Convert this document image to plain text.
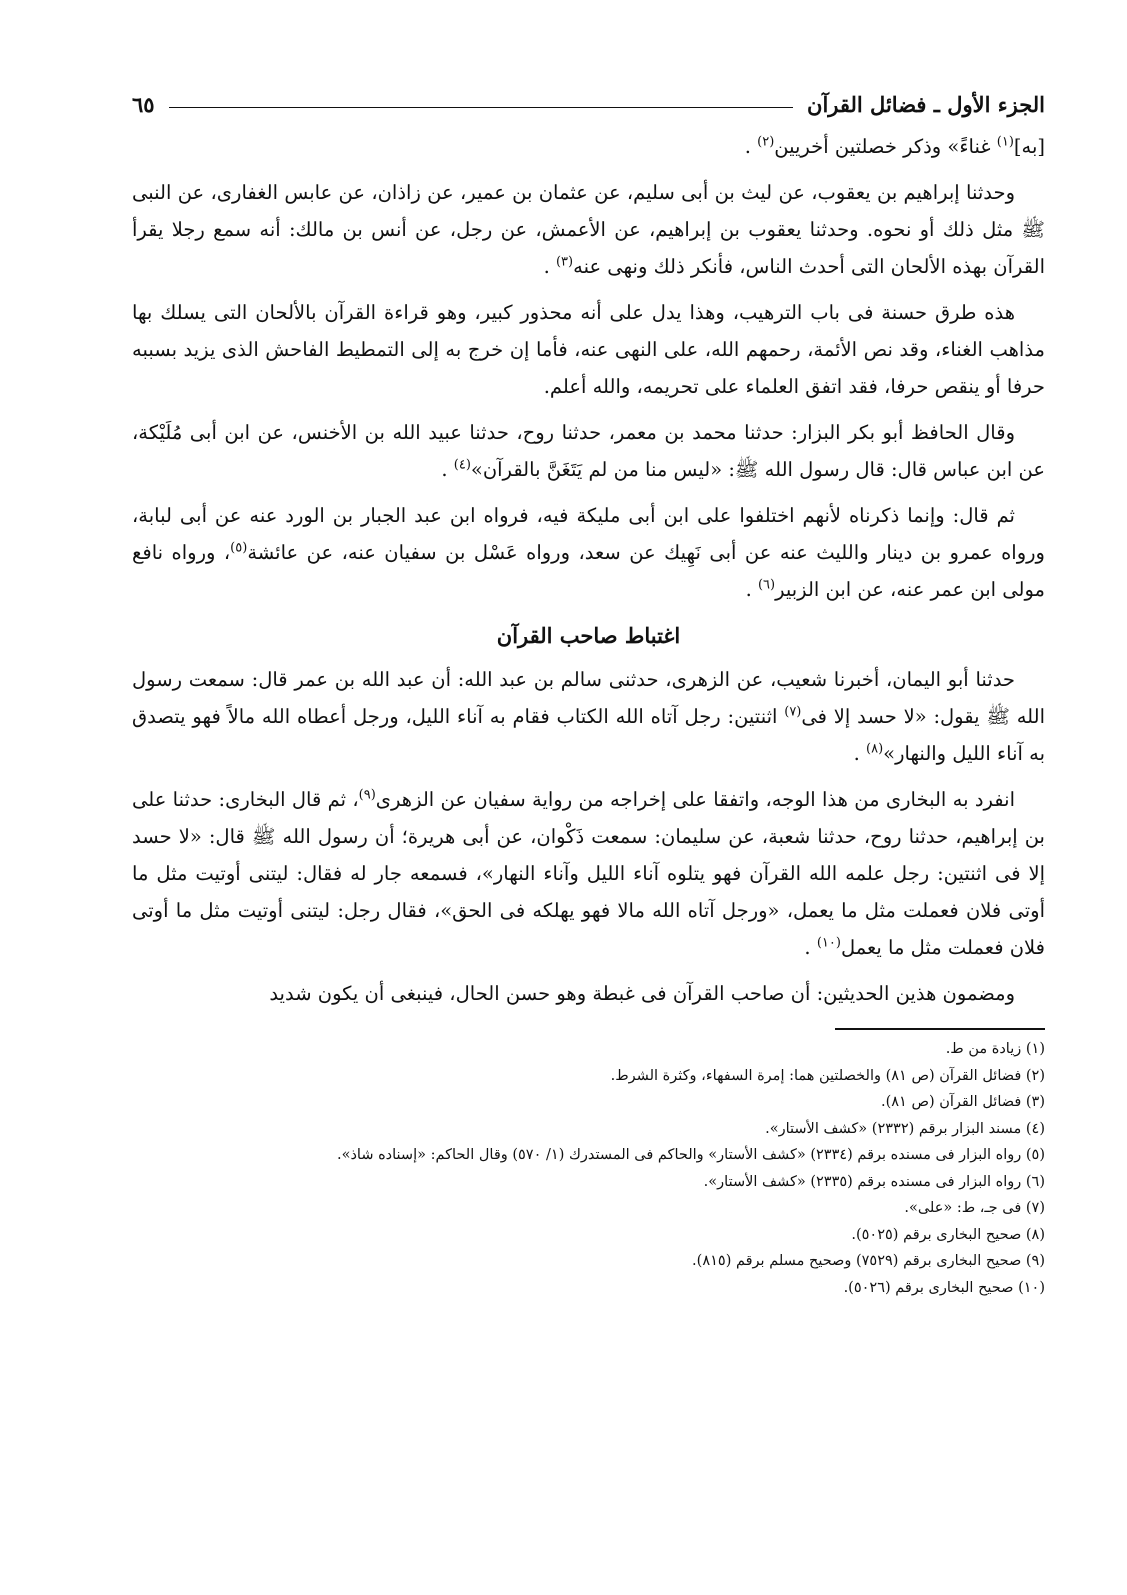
الجزء الأول ـ فضائل القرآن
٦٥

[به]$^{(١)}$ غناءً» وذكر خصلتين أخريين$^{(٢)}$ .

وحدثنا إبراهيم بن يعقوب، عن ليث بن أبى سليم، عن عثمان بن عمير، عن زاذان، عن عابس الغفارى، عن النبى ﷺ مثل ذلك أو نحوه. وحدثنا يعقوب بن إبراهيم، عن الأعمش، عن رجل، عن أنس بن مالك: أنه سمع رجلا يقرأ القرآن بهذه الألحان التى أحدث الناس، فأنكر ذلك ونهى عنه$^{(٣)}$ .

هذه طرق حسنة فى باب الترهيب، وهذا يدل على أنه محذور كبير، وهو قراءة القرآن بالألحان التى يسلك بها مذاهب الغناء، وقد نص الأئمة، رحمهم الله، على النهى عنه، فأما إن خرج به إلى التمطيط الفاحش الذى يزيد بسببه حرفا أو ينقص حرفا، فقد اتفق العلماء على تحريمه، والله أعلم.

وقال الحافظ أبو بكر البزار: حدثنا محمد بن معمر، حدثنا روح، حدثنا عبيد الله بن الأخنس، عن ابن أبى مُلَيْكة، عن ابن عباس قال: قال رسول الله ﷺ: «ليس منا من لم يَتَغَنَّ بالقرآن»$^{(٤)}$ .

ثم قال: وإنما ذكرناه لأنهم اختلفوا على ابن أبى مليكة فيه، فرواه ابن عبد الجبار بن الورد عنه عن أبى لبابة، ورواه عمرو بن دينار والليث عنه عن أبى نَهِيك عن سعد، ورواه عَسْل بن سفيان عنه، عن عائشة$^{(٥)}$، ورواه نافع مولى ابن عمر عنه، عن ابن الزبير$^{(٦)}$ .

اغتباط صاحب القرآن

حدثنا أبو اليمان، أخبرنا شعيب، عن الزهرى، حدثنى سالم بن عبد الله: أن عبد الله بن عمر قال: سمعت رسول الله ﷺ يقول: «لا حسد إلا فى$^{(٧)}$ اثنتين: رجل آتاه الله الكتاب فقام به آناء الليل، ورجل أعطاه الله مالاً فهو يتصدق به آناء الليل والنهار»$^{(٨)}$ .

انفرد به البخارى من هذا الوجه، واتفقا على إخراجه من رواية سفيان عن الزهرى$^{(٩)}$، ثم قال البخارى: حدثنا على بن إبراهيم، حدثنا روح، حدثنا شعبة، عن سليمان: سمعت ذَكْوان، عن أبى هريرة؛ أن رسول الله ﷺ قال: «لا حسد إلا فى اثنتين: رجل علمه الله القرآن فهو يتلوه آناء الليل وآناء النهار»، فسمعه جار له فقال: ليتنى أوتيت مثل ما أوتى فلان فعملت مثل ما يعمل، «ورجل آتاه الله مالا فهو يهلكه فى الحق»، فقال رجل: ليتنى أوتيت مثل ما أوتى فلان فعملت مثل ما يعمل$^{(١٠)}$ .

ومضمون هذين الحديثين: أن صاحب القرآن فى غبطة وهو حسن الحال، فينبغى أن يكون شديد

(١) زيادة من ط.

(٢) فضائل القرآن (ص ٨١) والخصلتين هما: إمرة السفهاء، وكثرة الشرط.

(٣) فضائل القرآن (ص ٨١).

(٤) مسند البزار برقم (٢٣٣٢) «كشف الأستار».

(٥) رواه البزار فى مسنده برقم (٢٣٣٤) «كشف الأستار» والحاكم فى المستدرك (١/ ٥٧٠) وقال الحاكم: «إسناده شاذ».

(٦) رواه البزار فى مسنده برقم (٢٣٣٥) «كشف الأستار».

(٧) فى جـ، ط: «على».

(٨) صحيح البخارى برقم (٥٠٢٥).

(٩) صحيح البخارى برقم (٧٥٢٩) وصحيح مسلم برقم (٨١٥).

(١٠) صحيح البخارى برقم (٥٠٢٦).
